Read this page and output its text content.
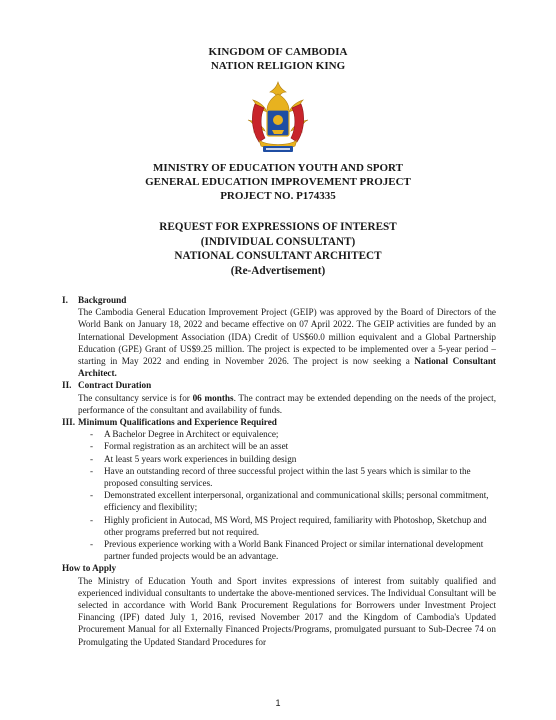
KINGDOM OF CAMBODIA
NATION RELIGION KING
MINISTRY OF EDUCATION YOUTH AND SPORT
GENERAL EDUCATION IMPROVEMENT PROJECT
PROJECT NO. P174335
REQUEST FOR EXPRESSIONS OF INTEREST
(INDIVIDUAL CONSULTANT)
NATIONAL CONSULTANT ARCHITECT
(Re-Advertisement)
I. Background
The Cambodia General Education Improvement Project (GEIP) was approved by the Board of Directors of the World Bank on January 18, 2022 and became effective on 07 April 2022. The GEIP activities are funded by an International Development Association (IDA) Credit of US$60.0 million equivalent and a Global Partnership Education (GPE) Grant of US$9.25 million. The project is expected to be implemented over a 5-year period – starting in May 2022 and ending in November 2026. The project is now seeking a National Consultant Architect.
II. Contract Duration
The consultancy service is for 06 months. The contract may be extended depending on the needs of the project, performance of the consultant and availability of funds.
III. Minimum Qualifications and Experience Required
- A Bachelor Degree in Architect or equivalence;
- Formal registration as an architect will be an asset
- At least 5 years work experiences in building design
- Have an outstanding record of three successful project within the last 5 years which is similar to the proposed consulting services.
- Demonstrated excellent interpersonal, organizational and communicational skills; personal commitment, efficiency and flexibility;
- Highly proficient in Autocad, MS Word, MS Project required, familiarity with Photoshop, Sketchup and other programs preferred but not required.
- Previous experience working with a World Bank Financed Project or similar international development partner funded projects would be an advantage.
How to Apply
The Ministry of Education Youth and Sport invites expressions of interest from suitably qualified and experienced individual consultants to undertake the above-mentioned services. The Individual Consultant will be selected in accordance with World Bank Procurement Regulations for Borrowers under Investment Project Financing (IPF) dated July 1, 2016, revised November 2017 and the Kingdom of Cambodia's Updated Procurement Manual for all Externally Financed Projects/Programs, promulgated pursuant to Sub-Decree 74 on Promulgating the Updated Standard Procedures for
1
